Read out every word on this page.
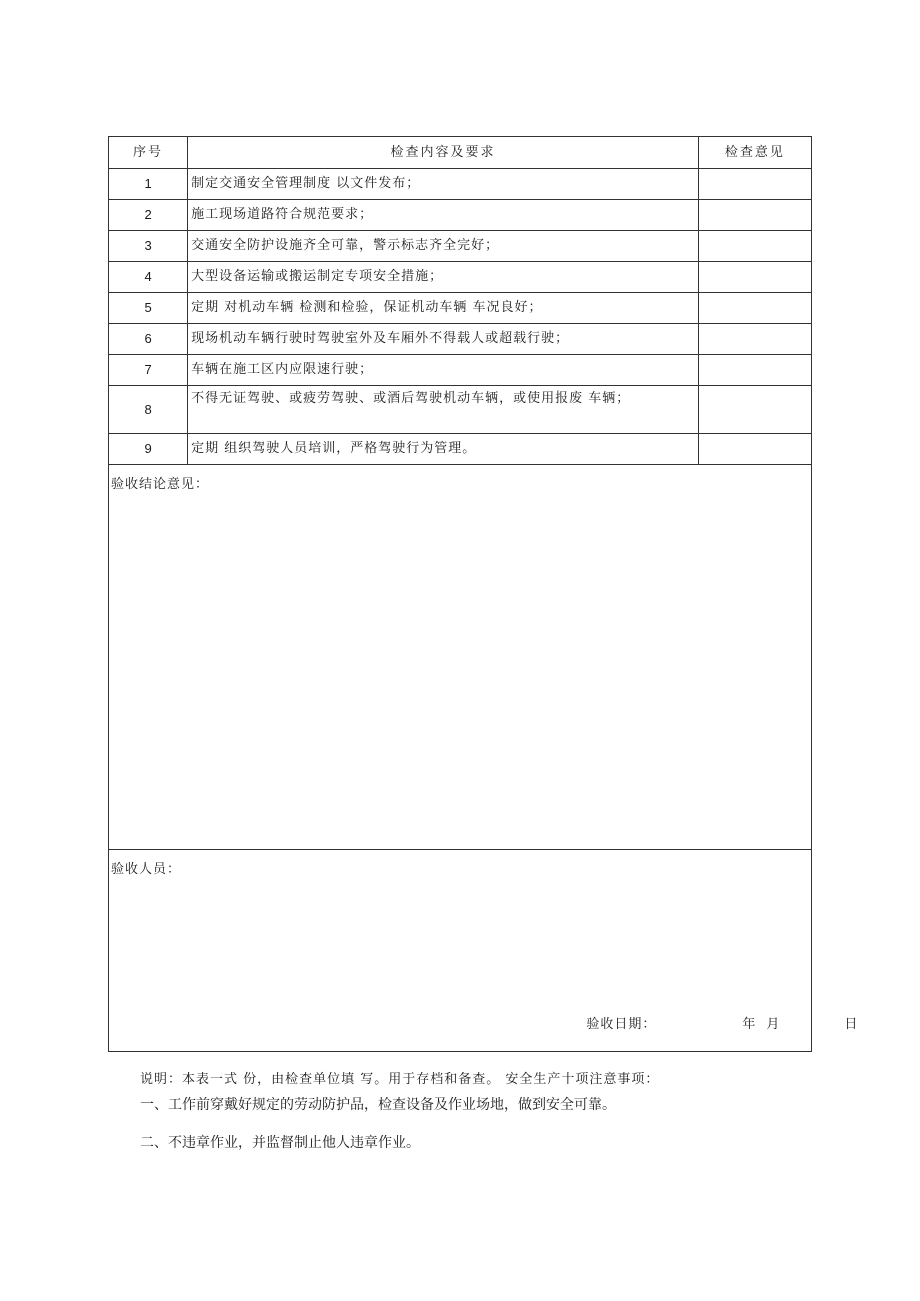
序号	检查内容及要求	检查意见
1	制定交通安全管理制度 以文件发布；	
2	施工现场道路符合规范要求；	
3	交通安全防护设施齐全可靠，警示标志齐全完好；	
4	大型设备运输或搬运制定专项安全措施；	
5	定期 对机动车辆 检测和检验，保证机动车辆 车况良好；	
6	现场机动车辆行驶时驾驶室外及车厢外不得载人或超载行驶；	
7	车辆在施工区内应限速行驶；	
8	不得无证驾驶、或疲劳驾驶、或酒后驾驶机动车辆，或使用报废 车辆；	
9	定期 组织驾驶人员培训，严格驾驶行为管理。	

验收结论意见：		

验收人员：

验收日期： 年 月 日		

说明：本表一式 份，由检查单位填 写。用于存档和备查。 安全生产十项注意事项：
一、工作前穿戴好规定的劳动防护品，检查设备及作业场地，做到安全可靠。
二、不违章作业，并监督制止他人违章作业。
